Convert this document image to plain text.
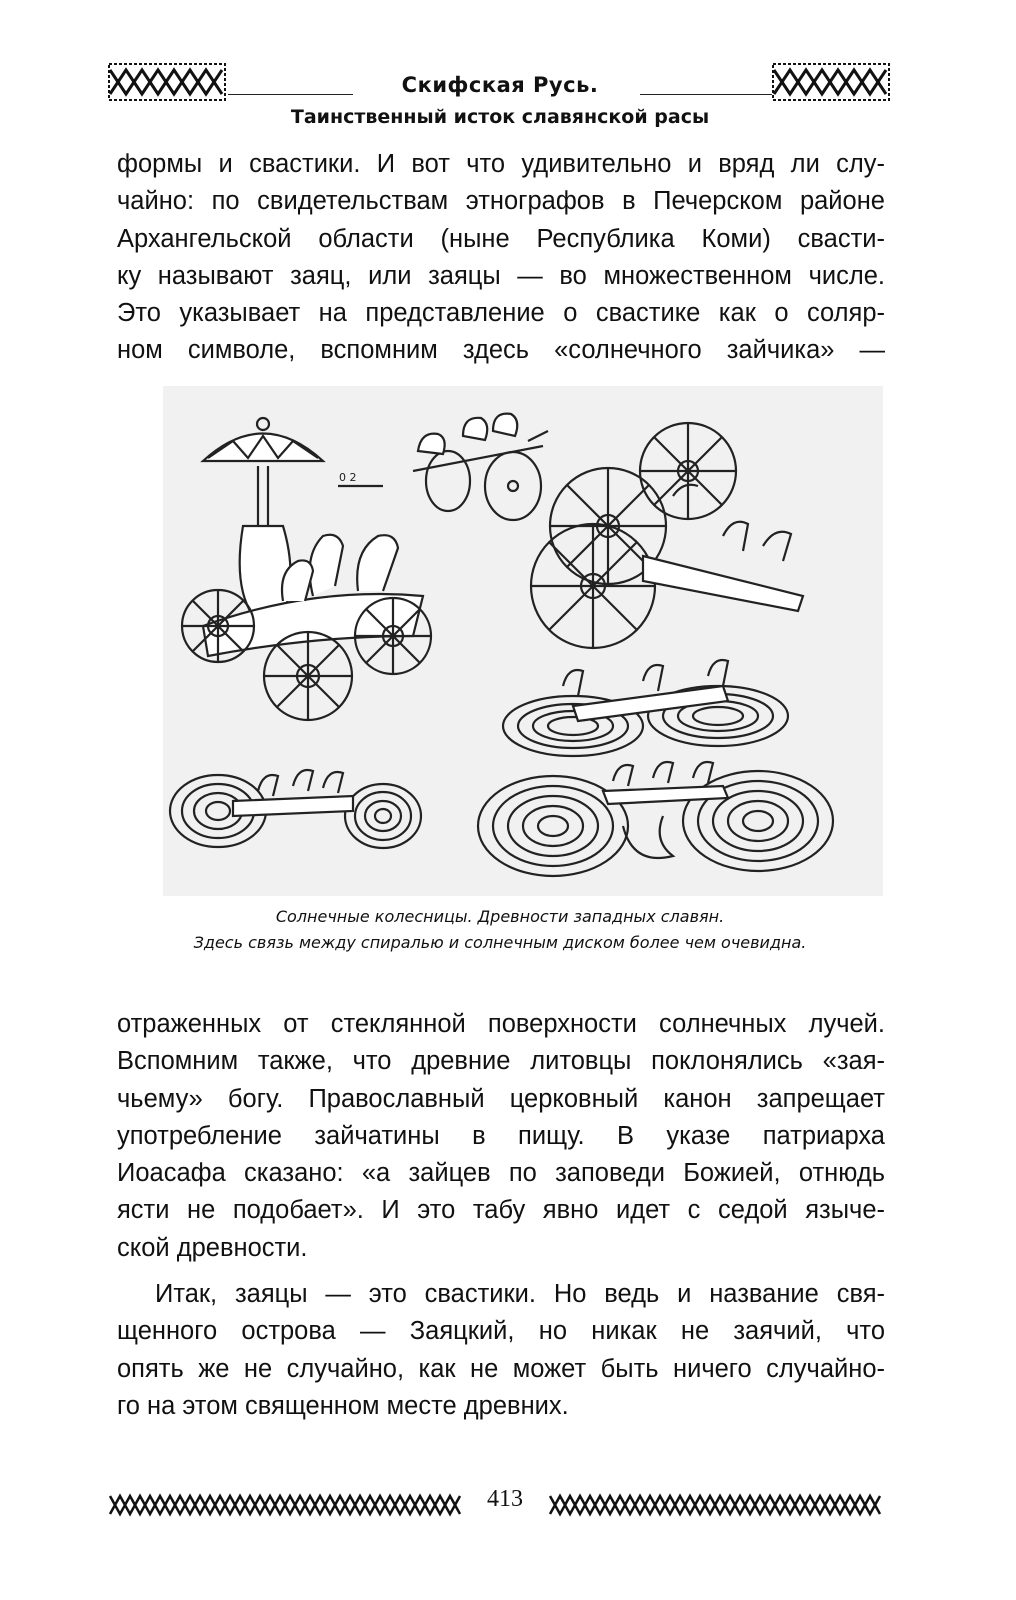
Скифская Русь.
Таинственный исток славянской расы
формы и свастики. И вот что удивительно и вряд ли слу-
чайно: по свидетельствам этнографов в Печерском районе
Архангельской области (ныне Республика Коми) свасти-
ку называют заяц, или заяцы — во множественном числе.
Это указывает на представление о свастике как о соляр-
ном символе, вспомним здесь «солнечного зайчика» —
0 2
Солнечные колесницы. Древности западных славян.
Здесь связь между спиралью и солнечным диском более чем очевидна.
отраженных от стеклянной поверхности солнечных лучей.
Вспомним также, что древние литовцы поклонялись «зая-
чьему» богу. Православный церковный канон запрещает
употребление зайчатины в пищу. В указе патриарха
Иоасафа сказано: «а зайцев по заповеди Божией, отнюдь
ясти не подобает». И это табу явно идет с седой языче-
ской древности.
Итак, заяцы — это свастики. Но ведь и название свя-
щенного острова — Заяцкий, но никак не заячий, что
опять же не случайно, как не может быть ничего случайно-
го на этом священном месте древних.
413
